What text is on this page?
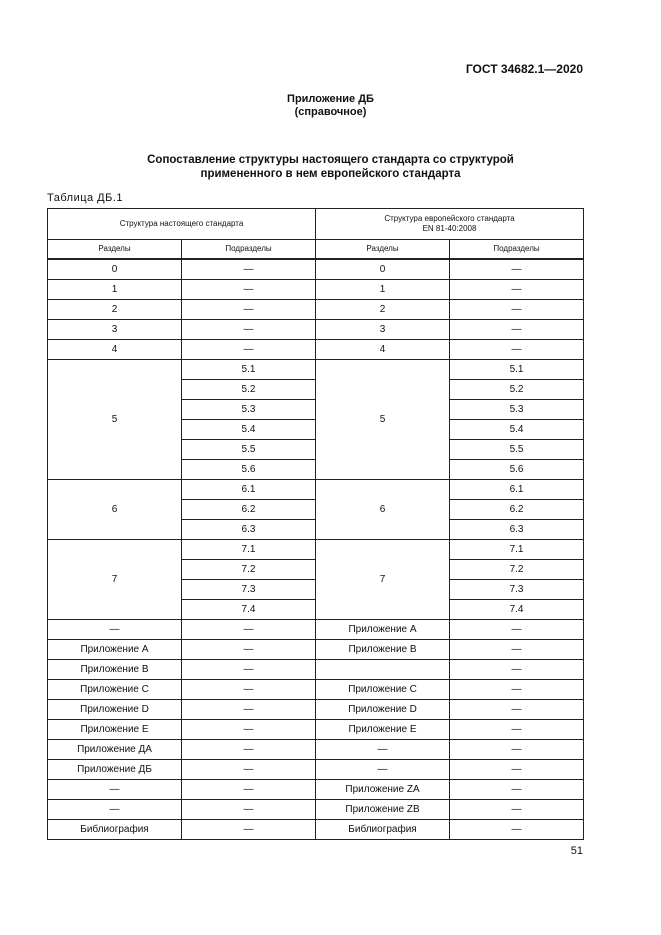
ГОСТ 34682.1—2020
Приложение ДБ
(справочное)
Сопоставление структуры настоящего стандарта со структурой
примененного в нем европейского стандарта
Таблица ДБ.1
Структура настоящего стандарта		Структура европейского стандарта
EN 81-40:2008	

Разделы	Подразделы	Разделы	Подразделы
0	—	0	—
1	—	1	—
2	—	2	—
3	—	3	—
4	—	4	—
5	5.1	5	5.1
	5.2		5.2
	5.3		5.3
	5.4		5.4
	5.5		5.5
	5.6		5.6
6	6.1	6	6.1
	6.2		6.2
	6.3		6.3
7	7.1	7	7.1
	7.2		7.2
	7.3		7.3
	7.4		7.4
—	—	Приложение А	—
Приложение А	—	Приложение В	—
Приложение В	—		—
Приложение С	—	Приложение С	—
Приложение D	—	Приложение D	—
Приложение Е	—	Приложение Е	—
Приложение ДА	—	—	—
Приложение ДБ	—	—	—
—	—	Приложение ZA	—
—	—	Приложение ZB	—
Библиография	—	Библиография	—
51
